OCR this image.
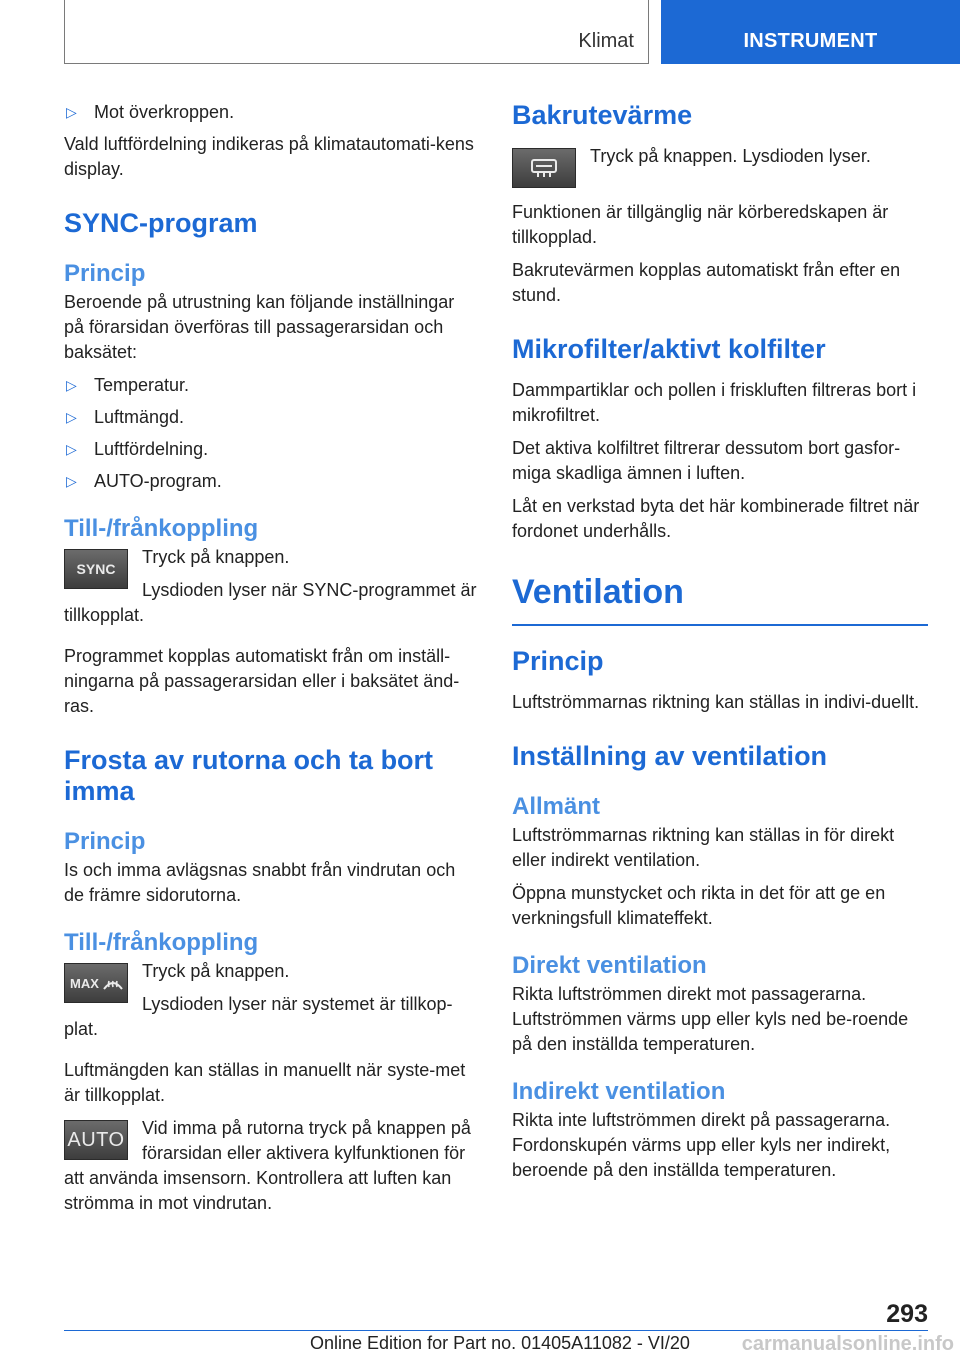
Klimat	INSTRUMENT
▷ Mot överkroppen.

Vald luftfördelning indikeras på klimatautomati-kens display.

SYNC-program
Princip

Beroende på utrustning kan följande inställningar på förarsidan överföras till passagerarsidan och baksätet:

▷ Temperatur.
▷ Luftmängd.
▷ Luftfördelning.
▷ AUTO-program.
Till-/frånkoppling
SYNC

Tryck på knappen.

Lysdioden lyser när SYNC-programmet är tillkopplat.

Programmet kopplas automatiskt från om inställ-ningarna på passagerarsidan eller i baksätet änd-ras.

Frosta av rutorna och ta bort imma
Princip

Is och imma avlägsnas snabbt från vindrutan och de främre sidorutorna.

Till-/frånkoppling
MAX

Tryck på knappen.

Lysdioden lyser när systemet är tillkop-plat.

Luftmängden kan ställas in manuellt när syste-met är tillkopplat.

AUTO

Vid imma på rutorna tryck på knappen på förarsidan eller aktivera kylfunktionen för att använda imsensorn. Kontrollera att luften kan strömma in mot vindrutan.

Bakrutevärme

Tryck på knappen. Lysdioden lyser.

Funktionen är tillgänglig när körberedskapen är tillkopplad.

Bakrutevärmen kopplas automatiskt från efter en stund.

Mikrofilter/aktivt kolfilter

Dammpartiklar och pollen i friskluften filtreras bort i mikrofiltret.

Det aktiva kolfiltret filtrerar dessutom bort gasfor-miga skadliga ämnen i luften.

Låt en verkstad byta det här kombinerade filtret när fordonet underhålls.

Ventilation
Princip

Luftströmmarnas riktning kan ställas in indivi-duellt.

Inställning av ventilation
Allmänt

Luftströmmarnas riktning kan ställas in för direkt eller indirekt ventilation.

Öppna munstycket och rikta in det för att ge en verkningsfull klimateffekt.

Direkt ventilation

Rikta luftströmmen direkt mot passagerarna. Luftströmmen värms upp eller kyls ned be-roende på den inställda temperaturen.

Indirekt ventilation

Rikta inte luftströmmen direkt på passagerarna. Fordonskupén värms upp eller kyls ner indirekt, beroende på den inställda temperaturen.

293
Online Edition for Part no. 01405A11082 - VI/20	carmanualsonline.info
